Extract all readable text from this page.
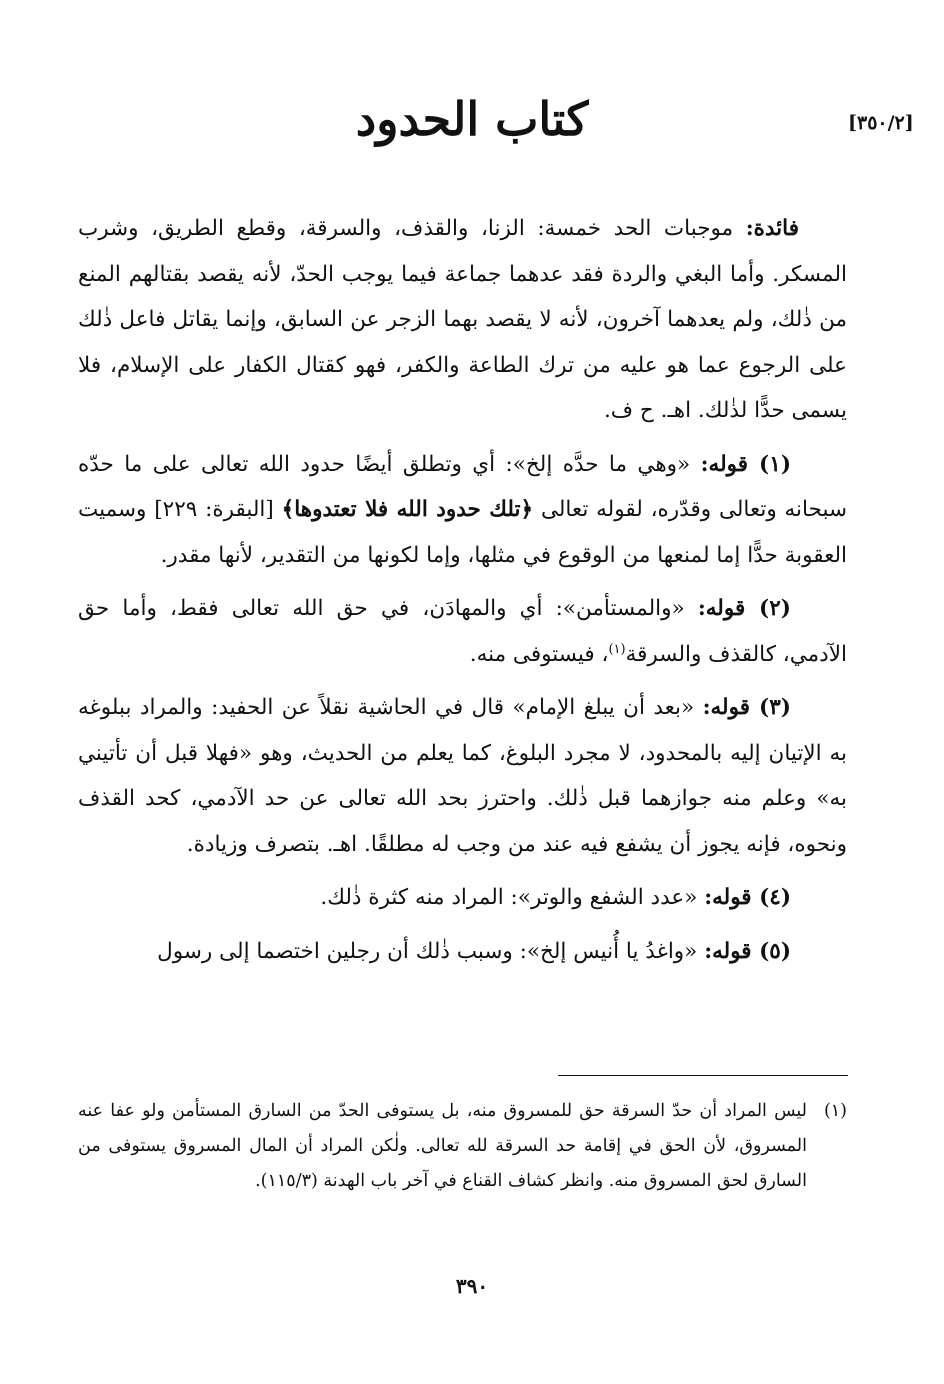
[٣٥٠/٢]
كتاب الحدود

فائدة: موجبات الحد خمسة: الزنا، والقذف، والسرقة، وقطع الطريق، وشرب المسكر. وأما البغي والردة فقد عدهما جماعة فيما يوجب الحدّ، لأنه يقصد بقتالهم المنع من ذٰلك، ولم يعدهما آخرون، لأنه لا يقصد بهما الزجر عن السابق، وإنما يقاتل فاعل ذٰلك على الرجوع عما هو عليه من ترك الطاعة والكفر، فهو كقتال الكفار على الإسلام، فلا يسمى حدًّا لذٰلك. اهـ. ح ف.

(١) قوله: «وهي ما حدَّه إلخ»: أي وتطلق أيضًا حدود الله تعالى على ما حدّه سبحانه وتعالى وقدّره، لقوله تعالى ﴿تلك حدود الله فلا تعتدوها﴾ [البقرة: ٢٢٩] وسميت العقوبة حدًّا إما لمنعها من الوقوع في مثلها، وإما لكونها من التقدير، لأنها مقدر.

(٢) قوله: «والمستأمن»: أي والمهادَن، في حق الله تعالى فقط، وأما حق الآدمي، كالقذف والسرقة$^{(١)}$، فيستوفى منه.

(٣) قوله: «بعد أن يبلغ الإمام» قال في الحاشية نقلاً عن الحفيد: والمراد ببلوغه به الإتيان إليه بالمحدود، لا مجرد البلوغ، كما يعلم من الحديث، وهو «فهلا قبل أن تأتيني به» وعلم منه جوازهما قبل ذٰلك. واحترز بحد الله تعالى عن حد الآدمي، كحد القذف ونحوه، فإنه يجوز أن يشفع فيه عند من وجب له مطلقًا. اهـ. بتصرف وزيادة.

(٤) قوله: «عدد الشفع والوتر»: المراد منه كثرة ذٰلك.

(٥) قوله: «واغدُ يا أُنيس إلخ»: وسبب ذٰلك أن رجلين اختصما إلى رسول

(١)
ليس المراد أن حدّ السرقة حق للمسروق منه، بل يستوفى الحدّ من السارق المستأمن ولو عفا عنه المسروق، لأن الحق في إقامة حد السرقة لله تعالى. ولٰكن المراد أن المال المسروق يستوفى من السارق لحق المسروق منه. وانظر كشاف القناع في آخر باب الهدنة (١١٥/٣).
٣٩٠
